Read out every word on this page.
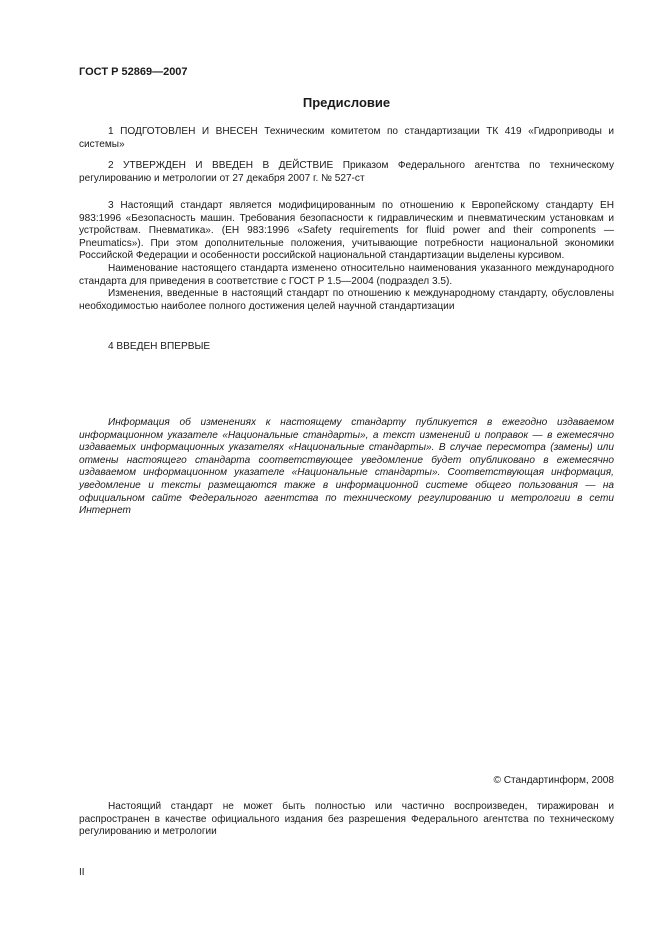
ГОСТ Р 52869—2007
Предисловие

1 ПОДГОТОВЛЕН И ВНЕСЕН Техническим комитетом по стандартизации ТК 419 «Гидроприводы и системы»

2 УТВЕРЖДЕН И ВВЕДЕН В ДЕЙСТВИЕ Приказом Федерального агентства по техническому регулированию и метрологии от 27 декабря 2007 г. № 527-ст

3 Настоящий стандарт является модифицированным по отношению к Европейскому стандарту ЕН 983:1996 «Безопасность машин. Требования безопасности к гидравлическим и пневматическим установкам и устройствам. Пневматика». (EH 983:1996 «Safety requirements for fluid power and their components — Pneumatics»). При этом дополнительные положения, учитывающие потребности национальной экономики Российской Федерации и особенности российской национальной стандартизации выделены курсивом.

Наименование настоящего стандарта изменено относительно наименования указанного международного стандарта для приведения в соответствие с ГОСТ Р 1.5—2004 (подраздел 3.5).

Изменения, введенные в настоящий стандарт по отношению к международному стандарту, обусловлены необходимостью наиболее полного достижения целей научной стандартизации

4 ВВЕДЕН ВПЕРВЫЕ

Информация об изменениях к настоящему стандарту публикуется в ежегодно издаваемом информационном указателе «Национальные стандарты», а текст изменений и поправок — в ежемесячно издаваемых информационных указателях «Национальные стандарты». В случае пересмотра (замены) или отмены настоящего стандарта соответствующее уведомление будет опубликовано в ежемесячно издаваемом информационном указателе «Национальные стандарты». Соответствующая информация, уведомление и тексты размещаются также в информационной системе общего пользования — на официальном сайте Федерального агентства по техническому регулированию и метрологии в сети Интернет

© Стандартинформ, 2008

Настоящий стандарт не может быть полностью или частично воспроизведен, тиражирован и распространен в качестве официального издания без разрешения Федерального агентства по техническому регулированию и метрологии

II
